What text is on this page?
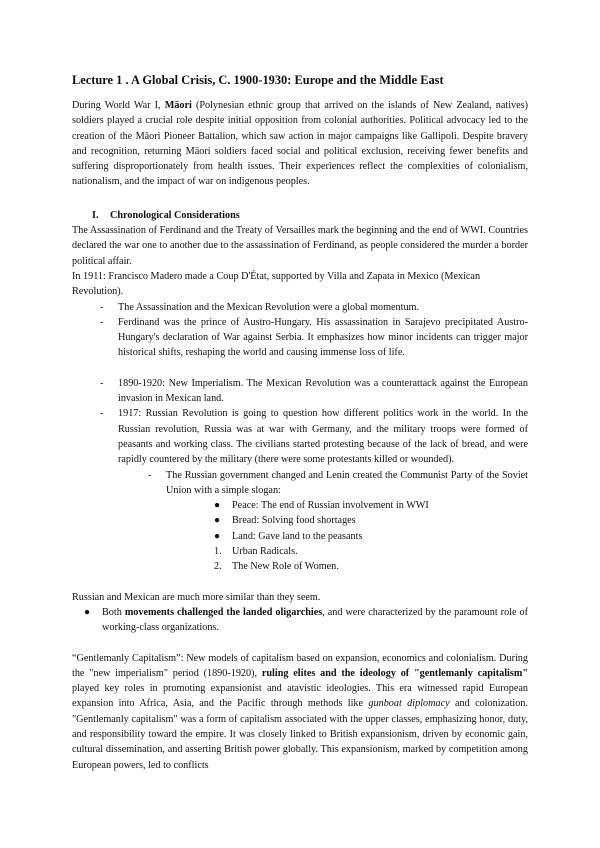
Lecture 1 . A Global Crisis, C. 1900-1930: Europe and the Middle East

During World War I, Māori (Polynesian ethnic group that arrived on the islands of New Zealand, natives) soldiers played a crucial role despite initial opposition from colonial authorities. Political advocacy led to the creation of the Māori Pioneer Battalion, which saw action in major campaigns like Gallipoli. Despite bravery and recognition, returning Māori soldiers faced social and political exclusion, receiving fewer benefits and suffering disproportionately from health issues. Their experiences reflect the complexities of colonialism, nationalism, and the impact of war on indigenous peoples.

I. Chronological Considerations

The Assassination of Ferdinand and the Treaty of Versailles mark the beginning and the end of WWI. Countries declared the war one to another due to the assassination of Ferdinand, as people considered the murder a border political affair.

In 1911: Francisco Madero made a Coup D'État, supported by Villa and Zapata in Mexico (Mexican Revolution).

- The Assassination and the Mexican Revolution were a global momentum.
- Ferdinand was the prince of Austro-Hungary. His assassination in Sarajevo precipitated Austro-Hungary's declaration of War against Serbia. It emphasizes how minor incidents can trigger major historical shifts, reshaping the world and causing immense loss of life.
- 1890-1920: New Imperialism. The Mexican Revolution was a counterattack against the European invasion in Mexican land.
- 1917: Russian Revolution is going to question how different politics work in the world. In the Russian revolution, Russia was at war with Germany, and the military troops were formed of peasants and working class. The civilians started protesting because of the lack of bread, and were rapidly countered by the military (there were some protestants killed or wounded).
- The Russian government changed and Lenin created the Communist Party of the Soviet Union with a simple slogan:
● Peace: The end of Russian involvement in WWI
● Bread: Solving food shortages
● Land: Gave land to the peasants
1. Urban Radicals.
2. The New Role of Women.

Russian and Mexican are much more similar than they seem.

● Both movements challenged the landed oligarchies, and were characterized by the paramount role of working-class organizations.

“Gentlemanly Capitalism”: New models of capitalism based on expansion, economics and colonialism. During the "new imperialism" period (1890-1920), ruling elites and the ideology of "gentlemanly capitalism" played key roles in promoting expansionist and atavistic ideologies. This era witnessed rapid European expansion into Africa, Asia, and the Pacific through methods like gunboat diplomacy and colonization. "Gentlemanly capitalism" was a form of capitalism associated with the upper classes, emphasizing honor, duty, and responsibility toward the empire. It was closely linked to British expansionism, driven by economic gain, cultural dissemination, and asserting British power globally. This expansionism, marked by competition among European powers, led to conflicts
